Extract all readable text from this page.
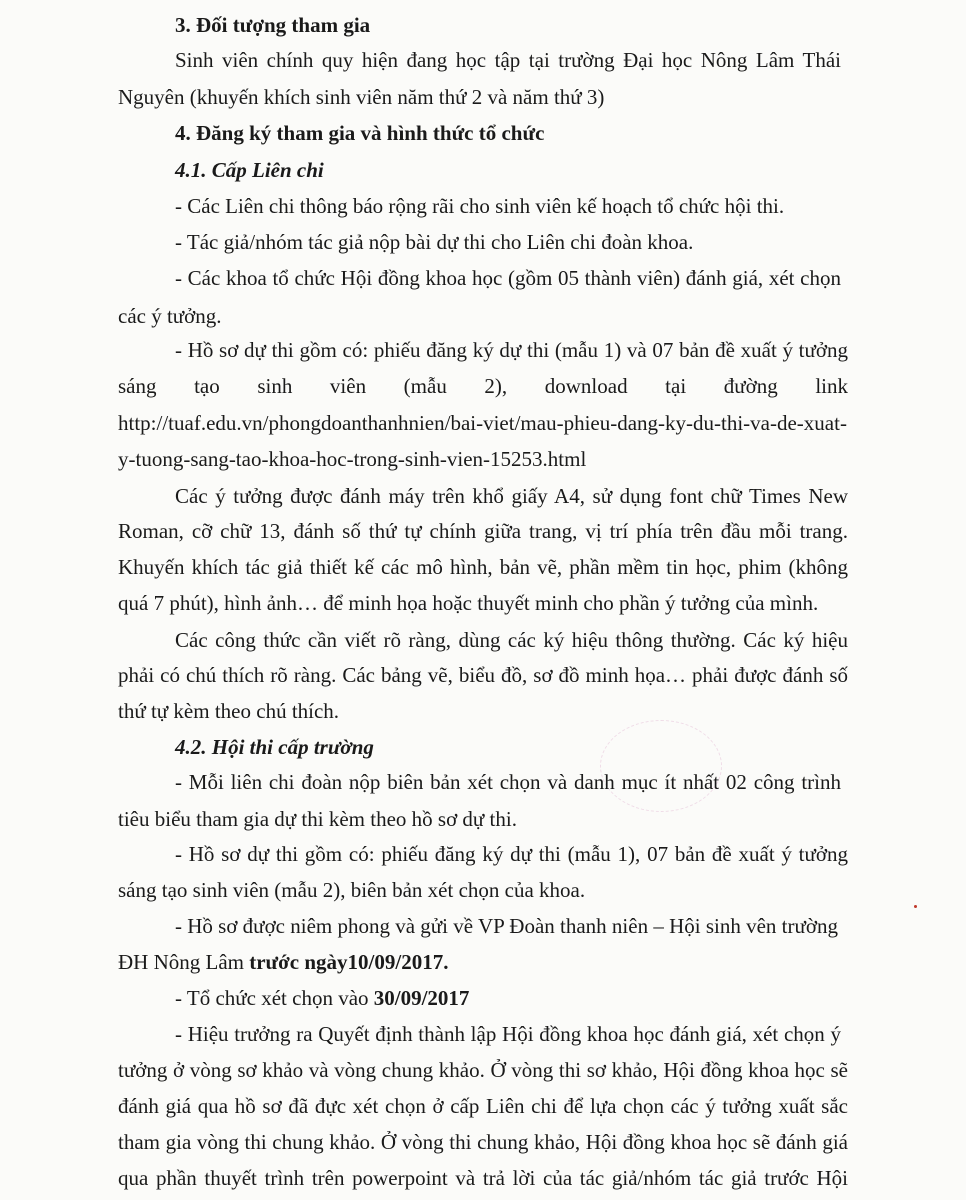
3. Đối tượng tham gia
Sinh viên chính quy hiện đang học tập tại trường Đại học Nông Lâm Thái
Nguyên (khuyến khích sinh viên năm thứ 2 và năm thứ 3)
4. Đăng ký tham gia và hình thức tổ chức
4.1. Cấp Liên chi
- Các Liên chi thông báo rộng rãi cho sinh viên kế hoạch tổ chức hội thi.
- Tác giả/nhóm tác giả nộp bài dự thi cho Liên chi đoàn khoa.
- Các khoa tổ chức Hội đồng khoa học (gồm 05 thành viên) đánh giá, xét chọn
các ý tưởng.
- Hồ sơ dự thi gồm có: phiếu đăng ký dự thi (mẫu 1) và 07 bản đề xuất ý tưởng
sáng tạo sinh viên (mẫu 2), download tại đường link
http://tuaf.edu.vn/phongdoanthanhnien/bai-viet/mau-phieu-dang-ky-du-thi-va-de-xuat-
y-tuong-sang-tao-khoa-hoc-trong-sinh-vien-15253.html
Các ý tưởng được đánh máy trên khổ giấy A4, sử dụng font chữ Times New
Roman, cỡ chữ 13, đánh số thứ tự chính giữa trang, vị trí phía trên đầu mỗi trang.
Khuyến khích tác giả thiết kế các mô hình, bản vẽ, phần mềm tin học, phim (không
quá 7 phút), hình ảnh… để minh họa hoặc thuyết minh cho phần ý tưởng của mình.
Các công thức cần viết rõ ràng, dùng các ký hiệu thông thường. Các ký hiệu
phải có chú thích rõ ràng. Các bảng vẽ, biểu đồ, sơ đồ minh họa… phải được đánh số
thứ tự kèm theo chú thích.
4.2. Hội thi cấp trường
- Mỗi liên chi đoàn nộp biên bản xét chọn và danh mục ít nhất 02 công trình
tiêu biểu tham gia dự thi kèm theo hồ sơ dự thi.
- Hồ sơ dự thi gồm có: phiếu đăng ký dự thi (mẫu 1), 07 bản đề xuất ý tưởng
sáng tạo sinh viên (mẫu 2), biên bản xét chọn của khoa.
- Hồ sơ được niêm phong và gửi về VP Đoàn thanh niên – Hội sinh vên trường
ĐH Nông Lâm trước ngày10/09/2017.
- Tổ chức xét chọn vào 30/09/2017
- Hiệu trưởng ra Quyết định thành lập Hội đồng khoa học đánh giá, xét chọn ý
tưởng ở vòng sơ khảo và vòng chung khảo. Ở vòng thi sơ khảo, Hội đồng khoa học sẽ
đánh giá qua hồ sơ đã đực xét chọn ở cấp Liên chi để lựa chọn các ý tưởng xuất sắc
tham gia vòng thi chung khảo. Ở vòng thi chung khảo, Hội đồng khoa học sẽ đánh giá
qua phần thuyết trình trên powerpoint và trả lời của tác giả/nhóm tác giả trước Hội
